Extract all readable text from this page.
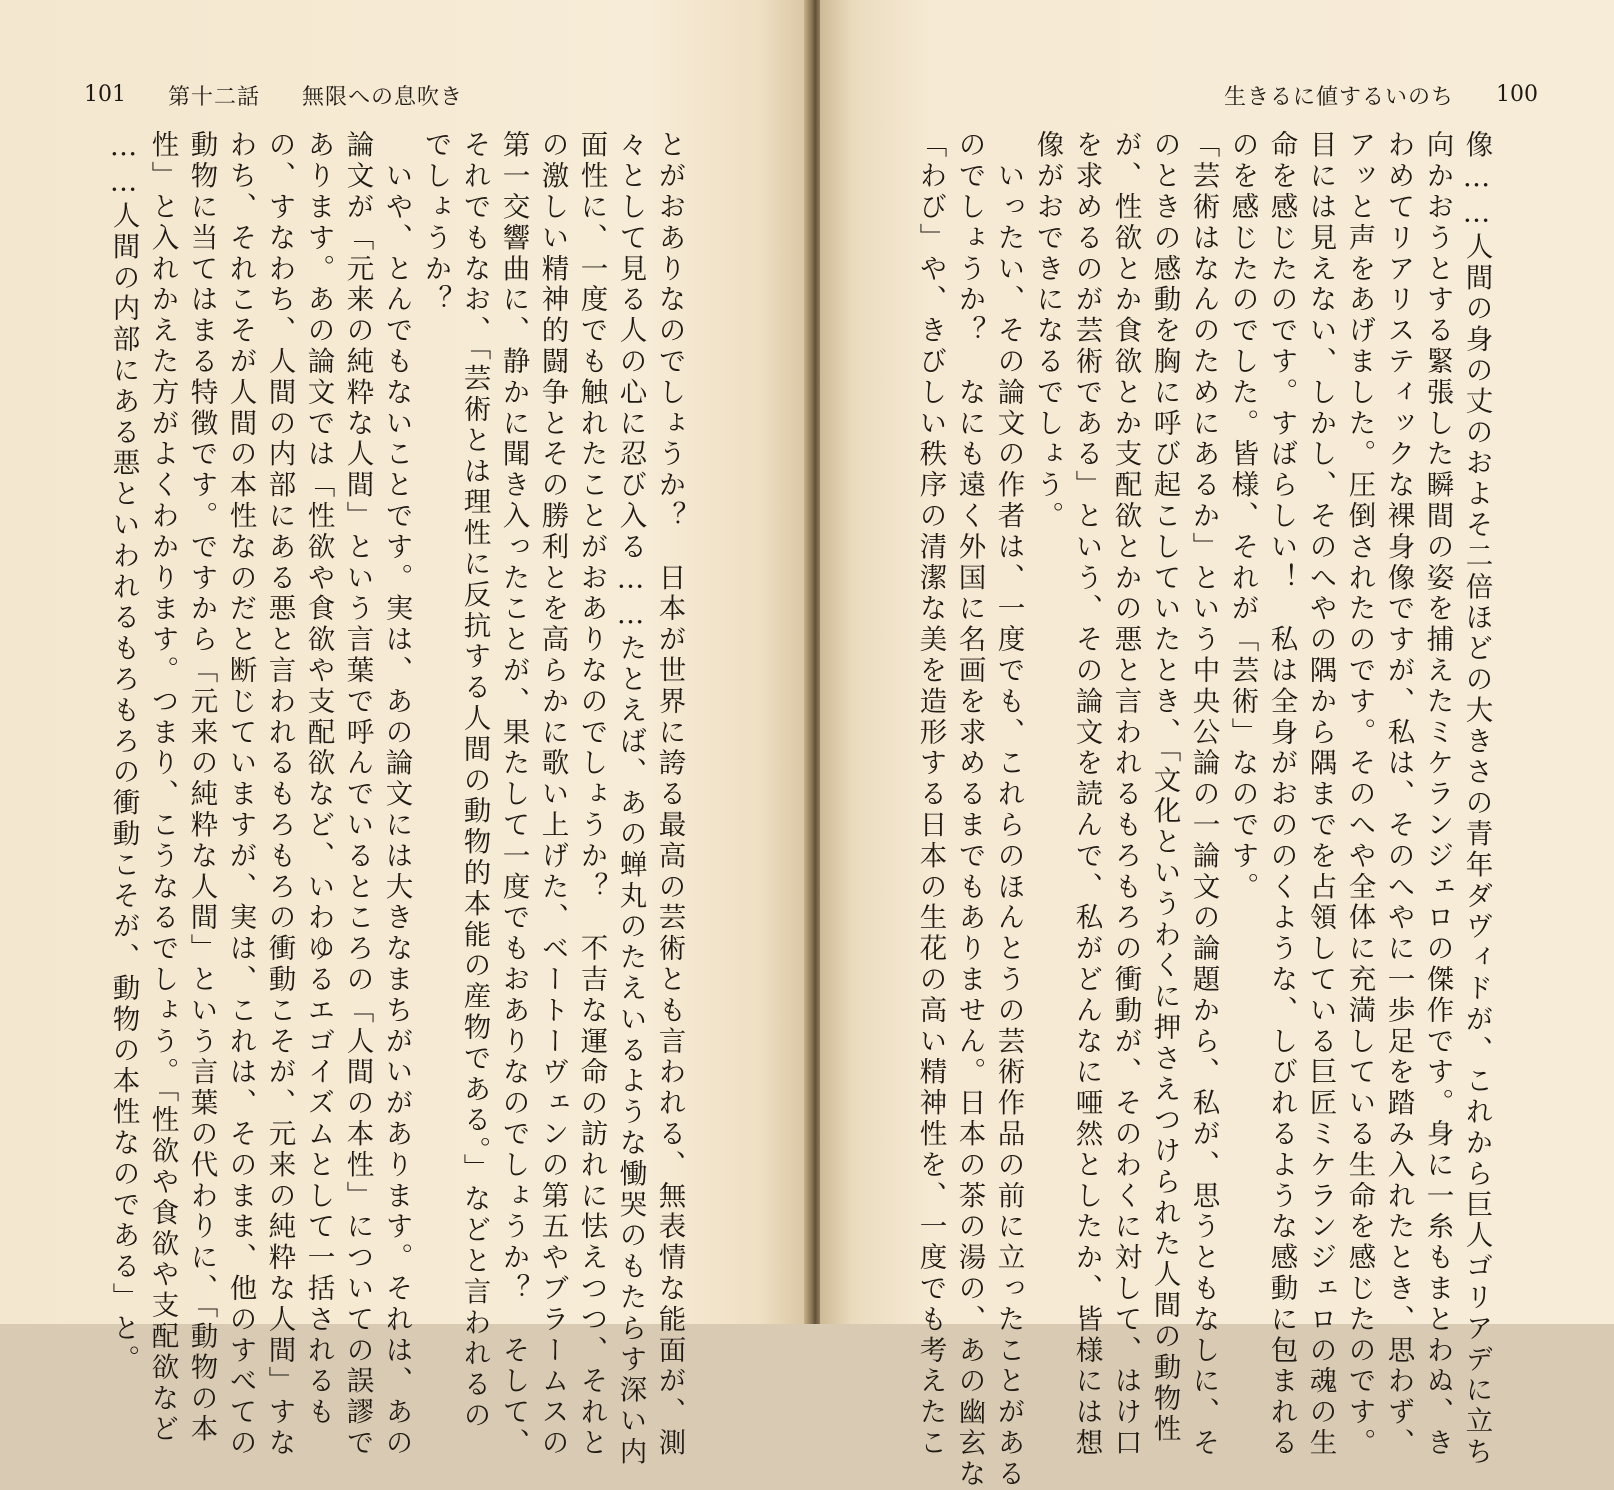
101 第十二話 無限への息吹き
とがおありなのでしょうか？　日本が世界に誇る最高の芸術とも言われる、無表情な能面が、測
々として見る人の心に忍び入る……たとえば、あの蝉丸のたえいるような慟哭のもたらす深い内
面性に、一度でも触れたことがおありなのでしょうか？　不吉な運命の訪れに怯えつつ、それと
の激しい精神的闘争とその勝利とを高らかに歌い上げた、ベートーヴェンの第五やブラームスの
第一交響曲に、静かに聞き入ったことが、果たして一度でもおありなのでしょうか？　そして、
それでもなお、「芸術とは理性に反抗する人間の動物的本能の産物である。」などと言われるの
でしょうか？
　いや、とんでもないことです。実は、あの論文には大きなまちがいがあります。それは、あの
論文が「元来の純粋な人間」という言葉で呼んでいるところの「人間の本性」についての誤謬で
あります。あの論文では「性欲や食欲や支配欲など、いわゆるエゴイズムとして一括されるも
の、すなわち、人間の内部にある悪と言われるもろもろの衝動こそが、元来の純粋な人間」すな
わち、それこそが人間の本性なのだと断じていますが、実は、これは、そのまま、他のすべての
動物に当てはまる特徴です。ですから「元来の純粋な人間」という言葉の代わりに、「動物の本
性」と入れかえた方がよくわかります。つまり、こうなるでしょう。「性欲や食欲や支配欲など
……人間の内部にある悪といわれるもろもろの衝動こそが、動物の本性なのである」と。
生きるに値するいのち 100
像……人間の身の丈のおよそ二倍ほどの大きさの青年ダヴィドが、これから巨人ゴリアデに立ち
向かおうとする緊張した瞬間の姿を捕えたミケランジェロの傑作です。身に一糸もまとわぬ、き
わめてリアリスティックな裸身像ですが、私は、そのへやに一歩足を踏み入れたとき、思わず、
アッと声をあげました。圧倒されたのです。そのへや全体に充満している生命を感じたのです。
目には見えない、しかし、そのへやの隅から隅までを占領している巨匠ミケランジェロの魂の生
命を感じたのです。すばらしい！　私は全身がおののくような、しびれるような感動に包まれる
のを感じたのでした。皆様、それが「芸術」なのです。
「芸術はなんのためにあるか」という中央公論の一論文の論題から、私が、思うともなしに、そ
のときの感動を胸に呼び起こしていたとき、「文化というわくに押さえつけられた人間の動物性
が、性欲とか食欲とか支配欲とかの悪と言われるもろもろの衝動が、そのわくに対して、はけ口
を求めるのが芸術である」という、その論文を読んで、私がどんなに唖然としたか、皆様には想
像がおできになるでしょう。
　いったい、その論文の作者は、一度でも、これらのほんとうの芸術作品の前に立ったことがある
のでしょうか？　なにも遠く外国に名画を求めるまでもありません。日本の茶の湯の、あの幽玄な
「わび」や、きびしい秩序の清潔な美を造形する日本の生花の高い精神性を、一度でも考えたこ
